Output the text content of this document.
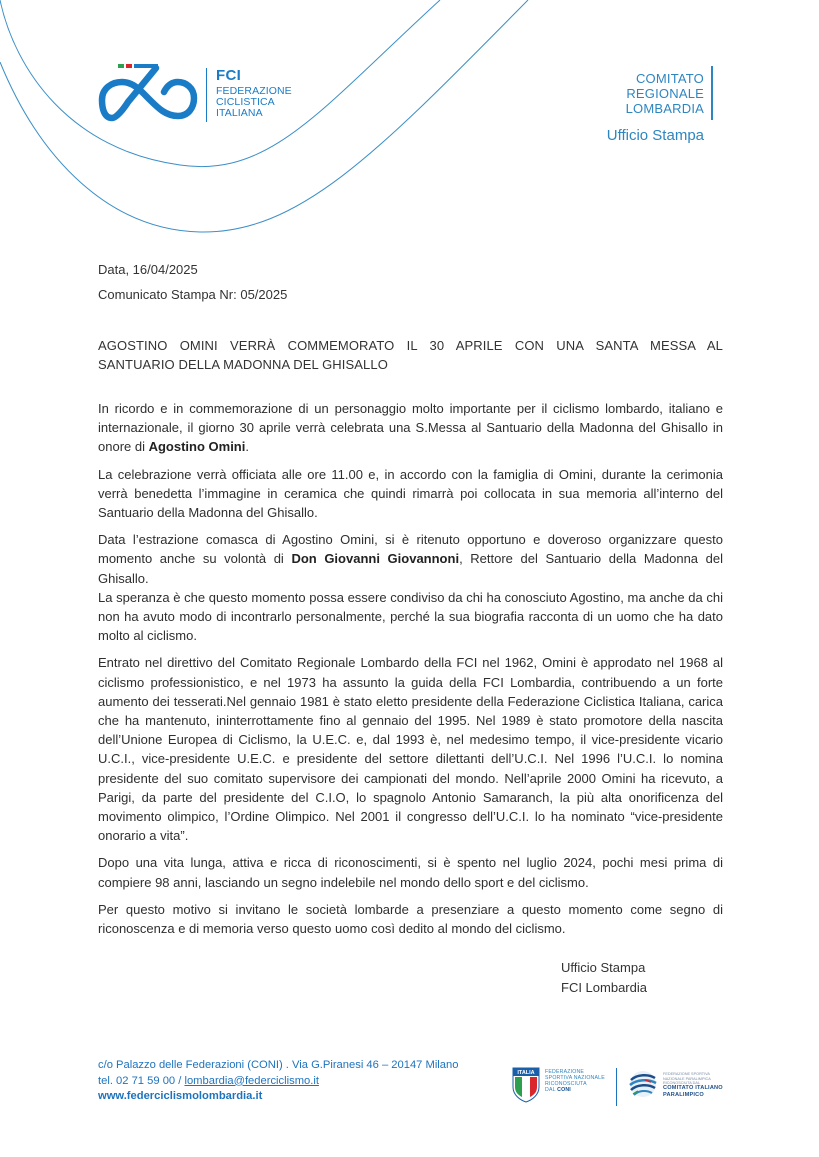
FCI
FEDERAZIONE
CICLISTICA
ITALIANA
COMITATO
REGIONALE
LOMBARDIA
Ufficio Stampa
Data, 16/04/2025
Comunicato Stampa Nr: 05/2025
AGOSTINO OMINI VERRÀ COMMEMORATO IL 30 APRILE CON UNA SANTA MESSA AL
SANTUARIO DELLA MADONNA DEL GHISALLO

In ricordo e in commemorazione di un personaggio molto importante per il ciclismo lombardo, italiano e internazionale, il giorno 30 aprile verrà celebrata una S.Messa al Santuario della Madonna del Ghisallo in onore di Agostino Omini.

La celebrazione verrà officiata alle ore 11.00 e, in accordo con la famiglia di Omini, durante la cerimonia verrà benedetta l’immagine in ceramica che quindi rimarrà poi collocata in sua memoria all’interno del Santuario della Madonna del Ghisallo.

Data l’estrazione comasca di Agostino Omini, si è ritenuto opportuno e doveroso organizzare questo momento anche su volontà di Don Giovanni Giovannoni, Rettore del Santuario della Madonna del Ghisallo.

La speranza è che questo momento possa essere condiviso da chi ha conosciuto Agostino, ma anche da chi non ha avuto modo di incontrarlo personalmente, perché la sua biografia racconta di un uomo che ha dato molto al ciclismo.

Entrato nel direttivo del Comitato Regionale Lombardo della FCI nel 1962, Omini è approdato nel 1968 al ciclismo professionistico, e nel 1973 ha assunto la guida della FCI Lombardia, contribuendo a un forte aumento dei tesserati.Nel gennaio 1981 è stato eletto presidente della Federazione Ciclistica Italiana, carica che ha mantenuto, ininterrottamente fino al gennaio del 1995. Nel 1989 è stato promotore della nascita dell’Unione Europea di Ciclismo, la U.E.C. e, dal 1993 è, nel medesimo tempo, il vice-presidente vicario U.C.I., vice-presidente U.E.C. e presidente del settore dilettanti dell’U.C.I. Nel 1996 l’U.C.I. lo nomina presidente del suo comitato supervisore dei campionati del mondo. Nell’aprile 2000 Omini ha ricevuto, a Parigi, da parte del presidente del C.I.O, lo spagnolo Antonio Samaranch, la più alta onorificenza del movimento olimpico, l’Ordine Olimpico. Nel 2001 il congresso dell’U.C.I. lo ha nominato “vice-presidente onorario a vita”.

Dopo una vita lunga, attiva e ricca di riconoscimenti, si è spento nel luglio 2024, pochi mesi prima di compiere 98 anni, lasciando un segno indelebile nel mondo dello sport e del ciclismo.

Per questo motivo si invitano le società lombarde a presenziare a questo momento come segno di riconoscenza e di memoria verso questo uomo così dedito al mondo del ciclismo.

Ufficio Stampa
FCI Lombardia
c/o Palazzo delle Federazioni (CONI) . Via G.Piranesi 46 – 20147 Milano
tel. 02 71 59 00 / lombardia@federciclismo.it
www.federciclismolombardia.it
ITALIA FEDERAZIONE
SPORTIVA NAZIONALE
RICONOSCIUTA
DAL CONI
FEDERAZIONE SPORTIVA
NAZIONALE PARALIMPICA
RICONOSCIUTA DAL
COMITATO ITALIANO
PARALIMPICO
